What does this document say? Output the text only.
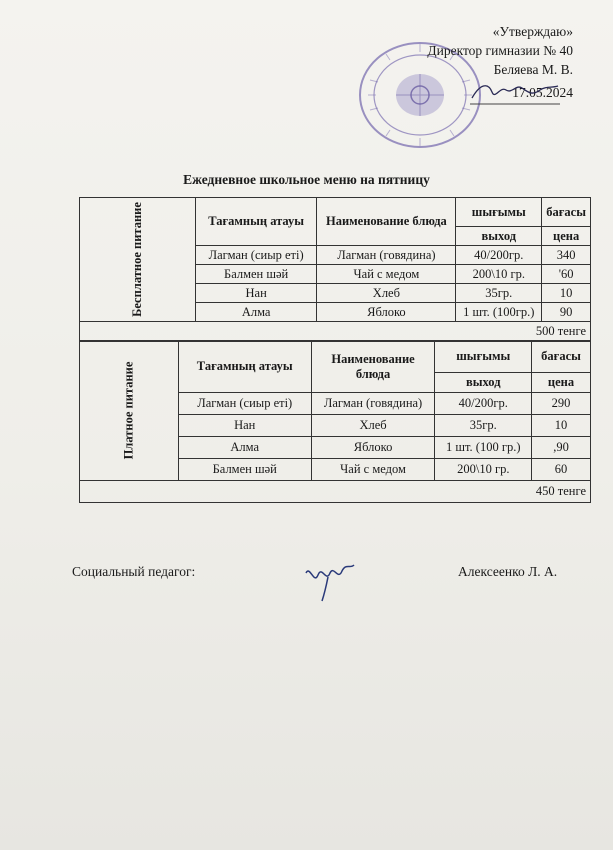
«Утверждаю»
Директор гимназии № 40
Беляева М. В.
17.05.2024
Ежедневное школьное меню на пятницу
Бесплатное питание	Тағамның атауы	Наименование блюда	шығымы	бағасы
			выход	цена
	Лагман (сиыр еті)	Лагман (говядина)	40/200гр.	340
	Балмен шәй	Чай с медом	200\10 гр.	'60
	Нан	Хлеб	35гр.	10
	Алма	Яблоко	1 шт. (100гр.)	90
500 тенге				
Платное питание	Тағамның атауы	Наименование блюда	шығымы	бағасы
			выход	цена
	Лагман (сиыр еті)	Лагман (говядина)	40/200гр.	290
	Нан	Хлеб	35гр.	10
	Алма	Яблоко	1 шт. (100 гр.)	,90
	Балмен шәй	Чай с медом	200\10 гр.	60
450 тенге				
Социальный педагог:	Алексеенко Л. А.
